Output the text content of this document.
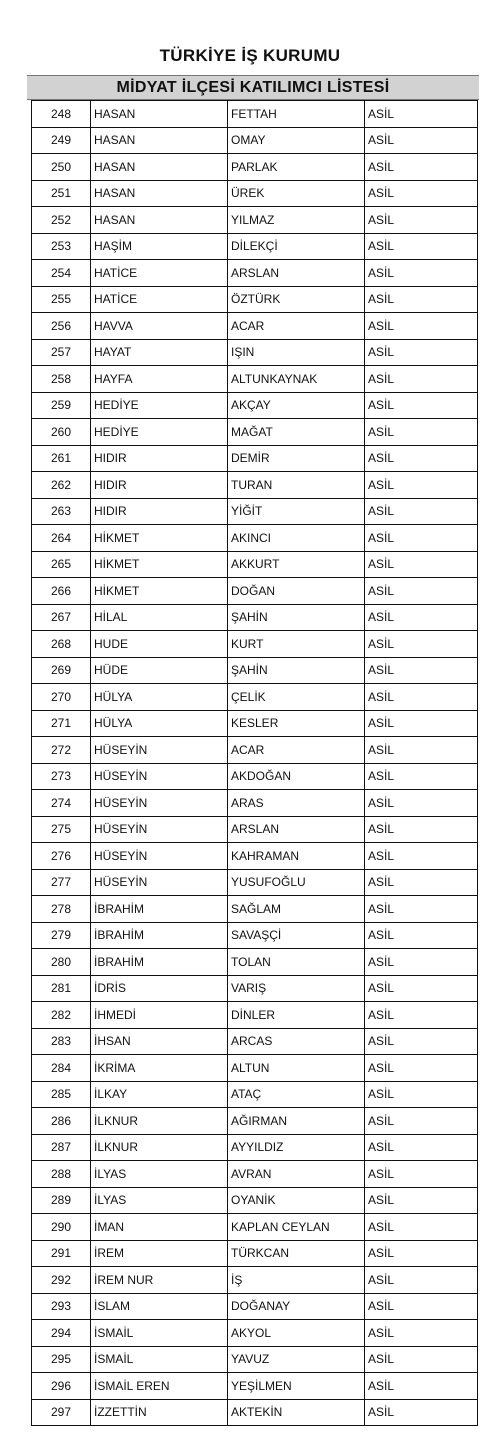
TÜRKİYE İŞ KURUMU
MİDYAT İLÇESİ KATILIMCI LİSTESİ
248	HASAN	FETTAH	ASİL
249	HASAN	OMAY	ASİL
250	HASAN	PARLAK	ASİL
251	HASAN	ÜREK	ASİL
252	HASAN	YILMAZ	ASİL
253	HAŞİM	DİLEKÇİ	ASİL
254	HATİCE	ARSLAN	ASİL
255	HATİCE	ÖZTÜRK	ASİL
256	HAVVA	ACAR	ASİL
257	HAYAT	IŞIN	ASİL
258	HAYFA	ALTUNKAYNAK	ASİL
259	HEDİYE	AKÇAY	ASİL
260	HEDİYE	MAĞAT	ASİL
261	HIDIR	DEMİR	ASİL
262	HIDIR	TURAN	ASİL
263	HIDIR	YİĞİT	ASİL
264	HİKMET	AKINCI	ASİL
265	HİKMET	AKKURT	ASİL
266	HİKMET	DOĞAN	ASİL
267	HİLAL	ŞAHİN	ASİL
268	HUDE	KURT	ASİL
269	HÜDE	ŞAHİN	ASİL
270	HÜLYA	ÇELİK	ASİL
271	HÜLYA	KESLER	ASİL
272	HÜSEYİN	ACAR	ASİL
273	HÜSEYİN	AKDOĞAN	ASİL
274	HÜSEYİN	ARAS	ASİL
275	HÜSEYİN	ARSLAN	ASİL
276	HÜSEYİN	KAHRAMAN	ASİL
277	HÜSEYİN	YUSUFOĞLU	ASİL
278	İBRAHİM	SAĞLAM	ASİL
279	İBRAHİM	SAVAŞÇİ	ASİL
280	İBRAHİM	TOLAN	ASİL
281	İDRİS	VARIŞ	ASİL
282	İHMEDİ	DİNLER	ASİL
283	İHSAN	ARCAS	ASİL
284	İKRİMA	ALTUN	ASİL
285	İLKAY	ATAÇ	ASİL
286	İLKNUR	AĞIRMAN	ASİL
287	İLKNUR	AYYILDIZ	ASİL
288	İLYAS	AVRAN	ASİL
289	İLYAS	OYANİK	ASİL
290	İMAN	KAPLAN CEYLAN	ASİL
291	İREM	TÜRKCAN	ASİL
292	İREM NUR	İŞ	ASİL
293	İSLAM	DOĞANAY	ASİL
294	İSMAİL	AKYOL	ASİL
295	İSMAİL	YAVUZ	ASİL
296	İSMAİL EREN	YEŞİLMEN	ASİL
297	İZZETTİN	AKTEKİN	ASİL
